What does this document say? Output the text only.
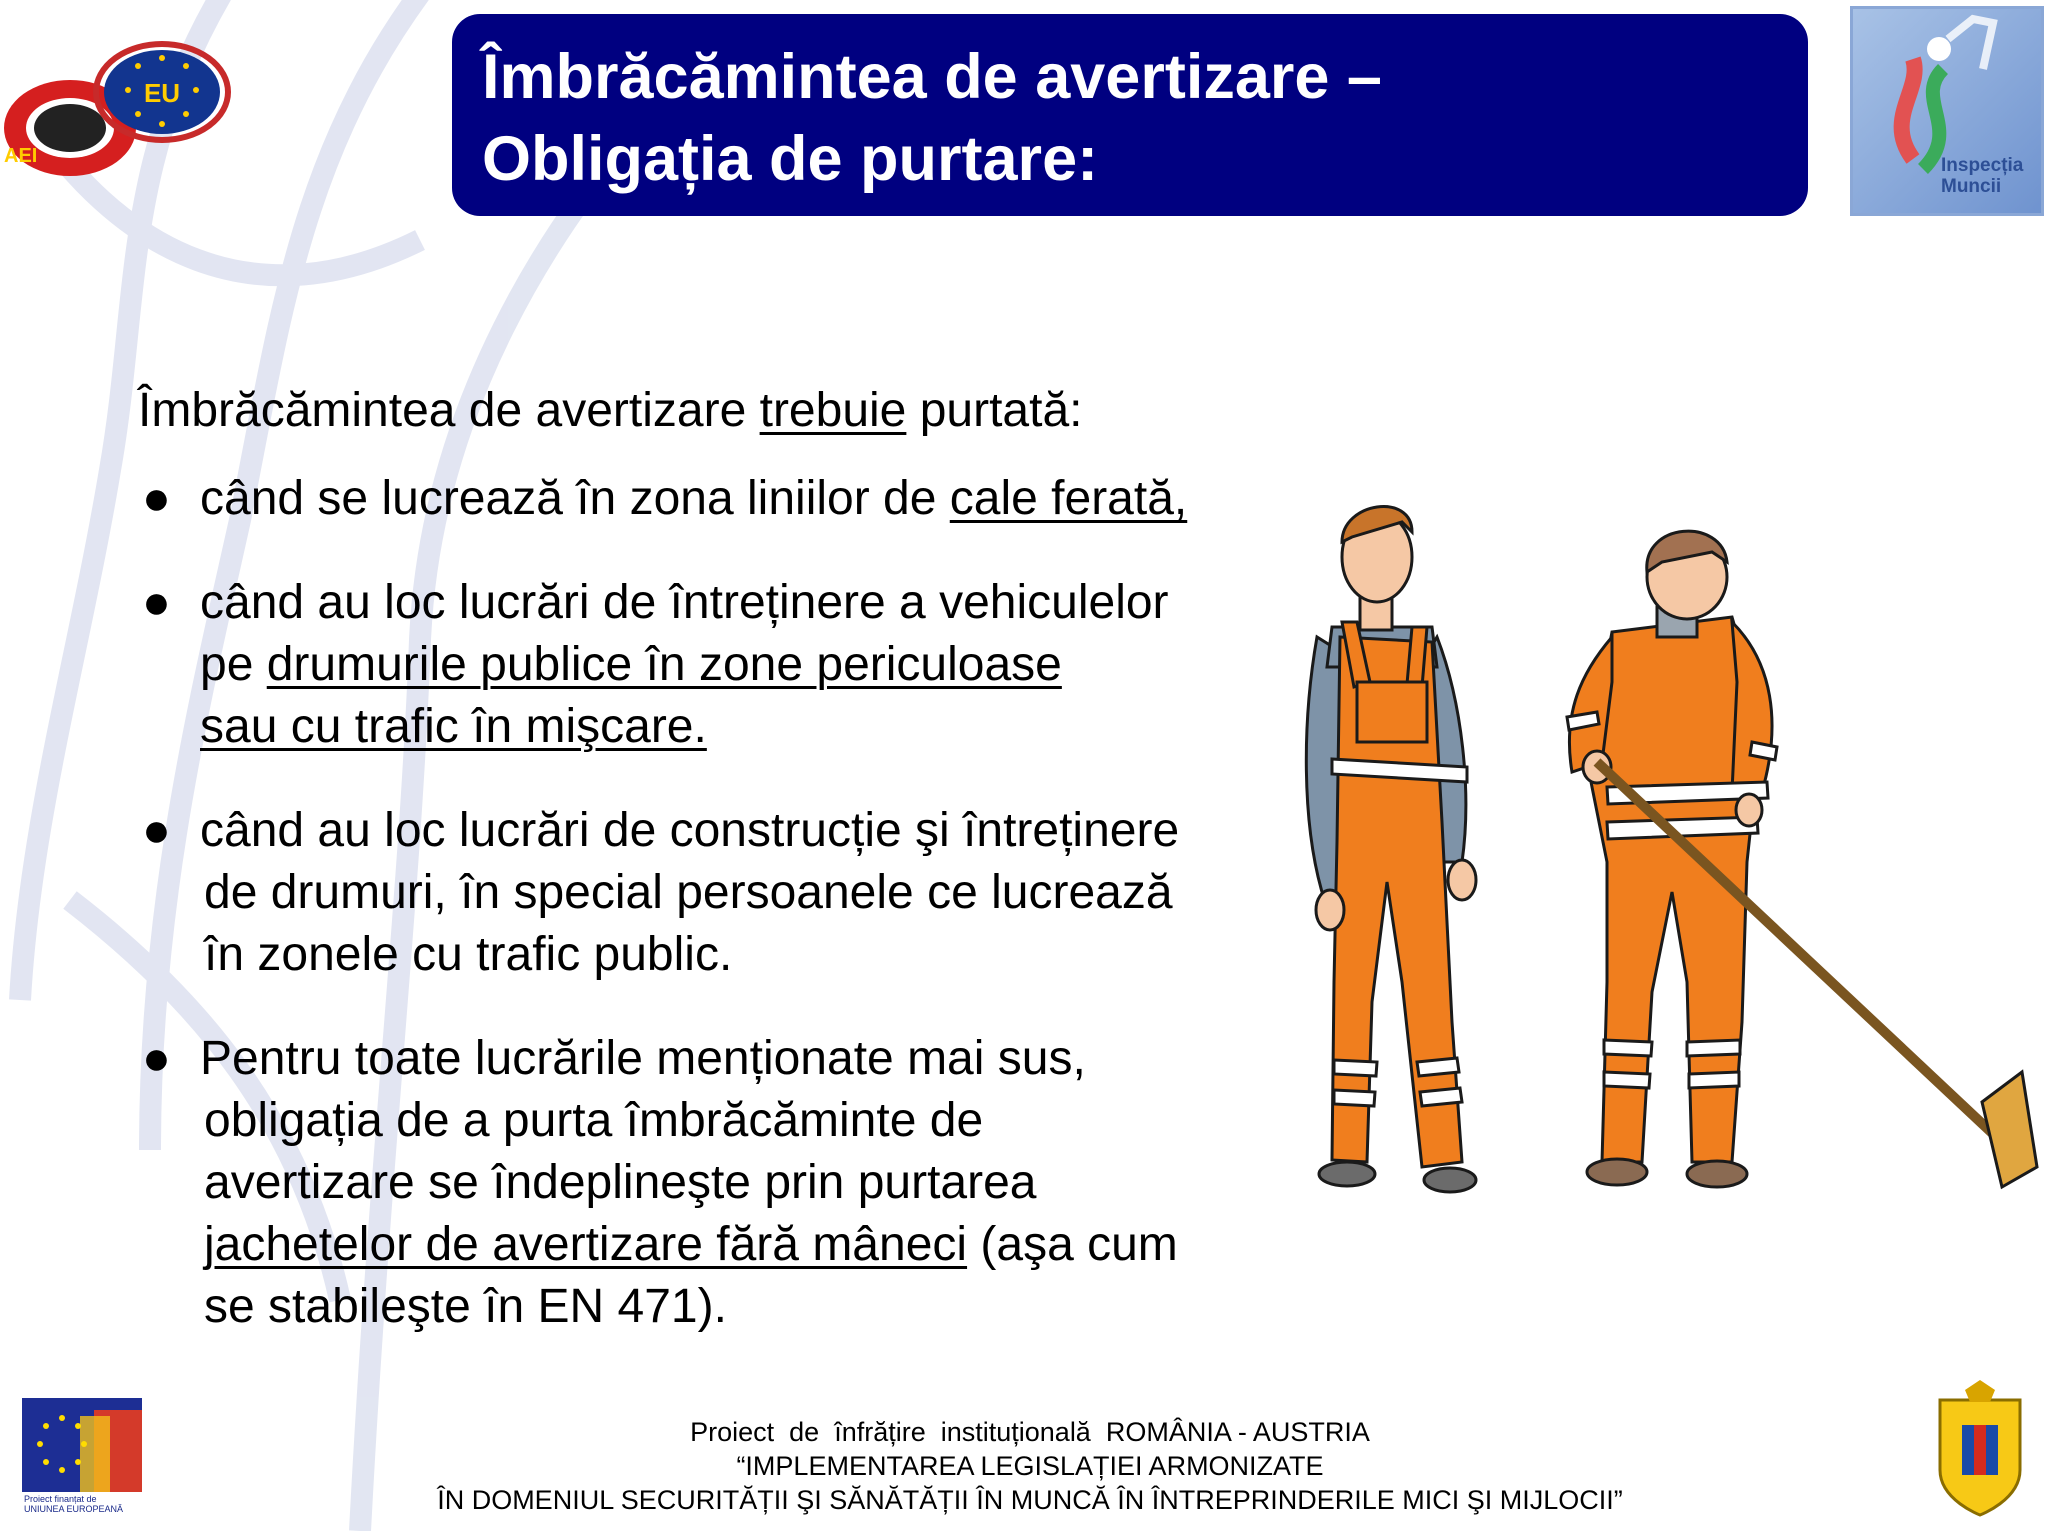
EU
AEI
Îmbrăcămintea de avertizare –
Obligația de purtare:	Inspecția
Muncii

Îmbrăcămintea de avertizare trebuie purtată:

● când se lucrează în zona liniilor de cale ferată,
● când au loc lucrări de întreținere a vehiculelor
pe drumurile publice în zone periculoase
sau cu trafic în mişcare.
● când au loc lucrări de construcție şi întreținere
de drumuri, în special persoanele ce lucrează
în zonele cu trafic public.
● Pentru toate lucrările menționate mai sus,
obligația de a purta îmbrăcăminte de
avertizare se îndeplineşte prin purtarea
jachetelor de avertizare fără mâneci (aşa cum
se stabileşte în EN 471).
Proiect finanțat de
UNIUNEA EUROPEANĂ
Proiect  de  înfrățire  instituțională  ROMÂNIA - AUSTRIA
“IMPLEMENTAREA LEGISLAȚIEI ARMONIZATE
ÎN DOMENIUL SECURITĂȚII ŞI SĂNĂTĂȚII ÎN MUNCĂ ÎN ÎNTREPRINDERILE MICI ŞI MIJLOCII”
